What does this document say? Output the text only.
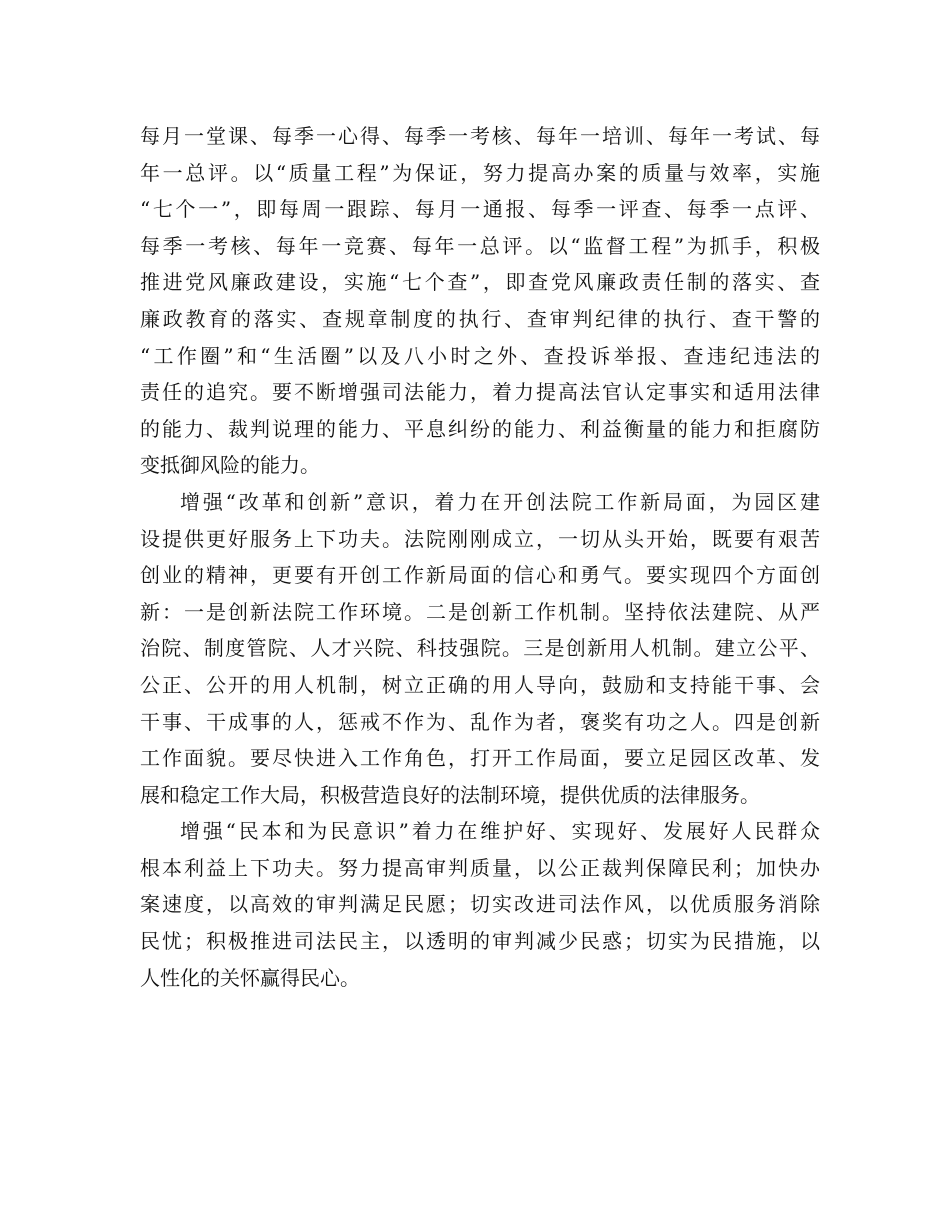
每月一堂课、每季一心得、每季一考核、每年一培训、每年一考试、每
年一总评。以“质量工程”为保证，努力提高办案的质量与效率，实施
“七个一”，即每周一跟踪、每月一通报、每季一评查、每季一点评、
每季一考核、每年一竞赛、每年一总评。以“监督工程”为抓手，积极
推进党风廉政建设，实施“七个查”，即查党风廉政责任制的落实、查
廉政教育的落实、查规章制度的执行、查审判纪律的执行、查干警的
“工作圈”和“生活圈”以及八小时之外、查投诉举报、查违纪违法的
责任的追究。要不断增强司法能力，着力提高法官认定事实和适用法律
的能力、裁判说理的能力、平息纠纷的能力、利益衡量的能力和拒腐防
变抵御风险的能力。
增强“改革和创新”意识，着力在开创法院工作新局面，为园区建
设提供更好服务上下功夫。法院刚刚成立，一切从头开始，既要有艰苦
创业的精神，更要有开创工作新局面的信心和勇气。要实现四个方面创
新：一是创新法院工作环境。二是创新工作机制。坚持依法建院、从严
治院、制度管院、人才兴院、科技强院。三是创新用人机制。建立公平、
公正、公开的用人机制，树立正确的用人导向，鼓励和支持能干事、会
干事、干成事的人，惩戒不作为、乱作为者，褒奖有功之人。四是创新
工作面貌。要尽快进入工作角色，打开工作局面，要立足园区改革、发
展和稳定工作大局，积极营造良好的法制环境，提供优质的法律服务。
增强“民本和为民意识”着力在维护好、实现好、发展好人民群众
根本利益上下功夫。努力提高审判质量，以公正裁判保障民利；加快办
案速度，以高效的审判满足民愿；切实改进司法作风，以优质服务消除
民忧；积极推进司法民主，以透明的审判减少民惑；切实为民措施，以
人性化的关怀赢得民心。
